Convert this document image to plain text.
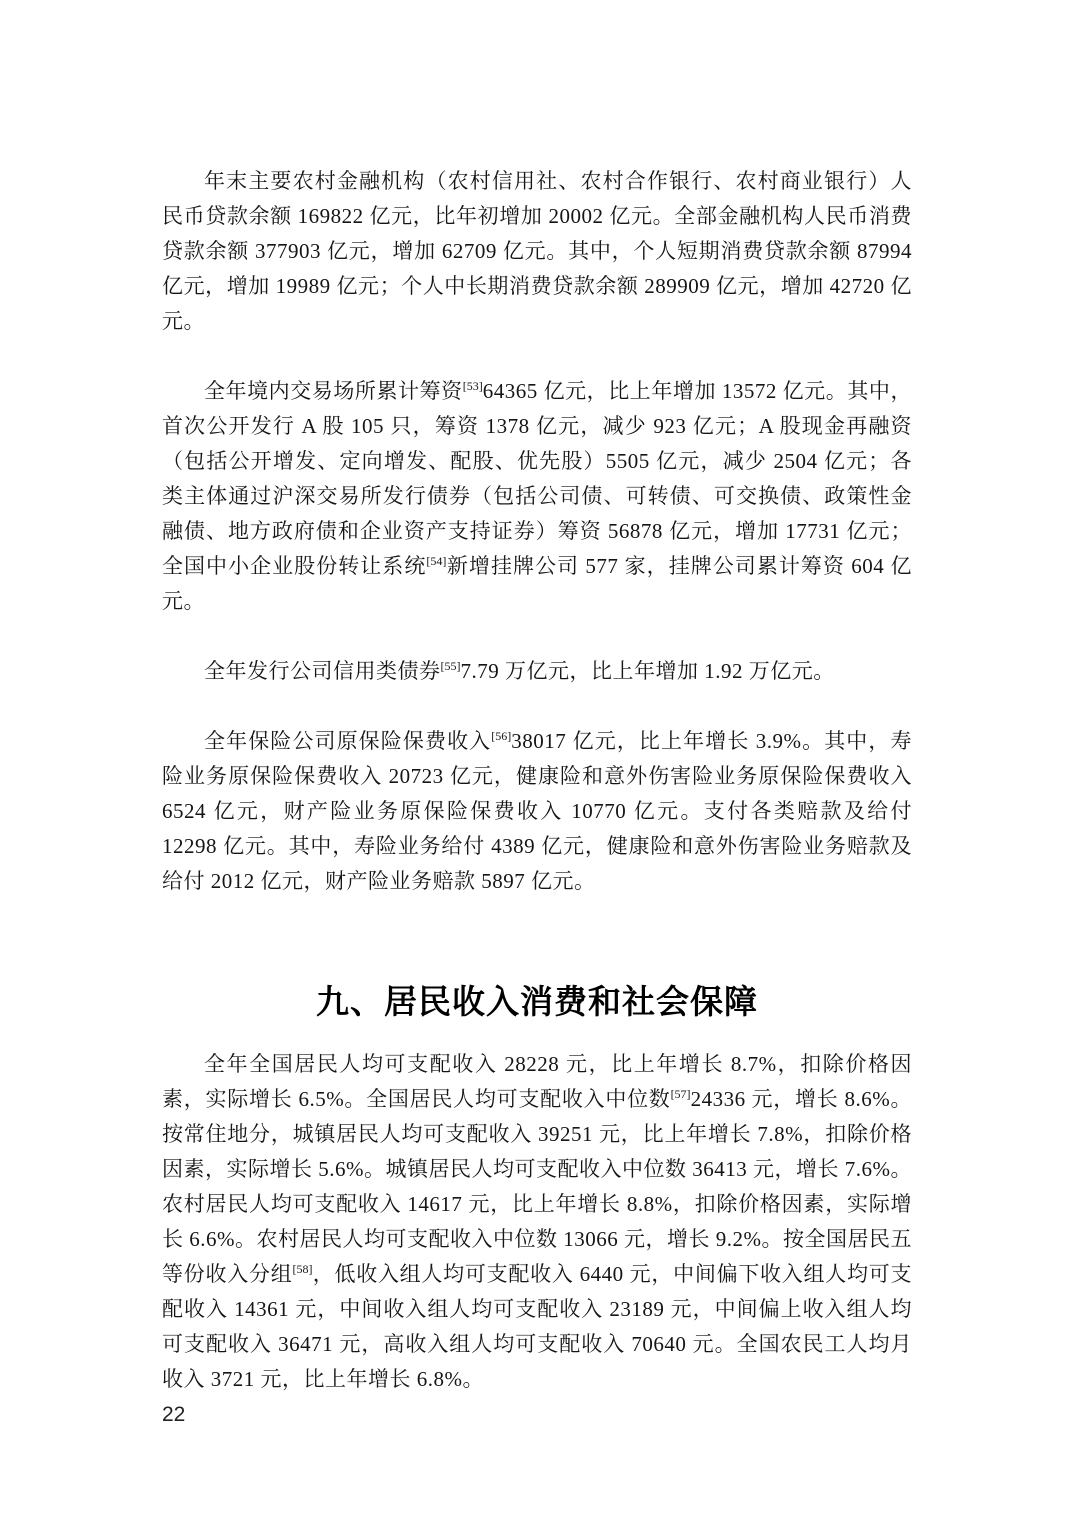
年末主要农村金融机构（农村信用社、农村合作银行、农村商业银行）人民币贷款余额 169822 亿元，比年初增加 20002 亿元。全部金融机构人民币消费贷款余额 377903 亿元，增加 62709 亿元。其中，个人短期消费贷款余额 87994 亿元，增加 19989 亿元；个人中长期消费贷款余额 289909 亿元，增加 42720 亿元。

全年境内交易场所累计筹资[53]64365 亿元，比上年增加 13572 亿元。其中，首次公开发行 A 股 105 只，筹资 1378 亿元，减少 923 亿元；A 股现金再融资（包括公开增发、定向增发、配股、优先股）5505 亿元，减少 2504 亿元；各类主体通过沪深交易所发行债券（包括公司债、可转债、可交换债、政策性金融债、地方政府债和企业资产支持证券）筹资 56878 亿元，增加 17731 亿元；全国中小企业股份转让系统[54]新增挂牌公司 577 家，挂牌公司累计筹资 604 亿元。

全年发行公司信用类债券[55]7.79 万亿元，比上年增加 1.92 万亿元。

全年保险公司原保险保费收入[56]38017 亿元，比上年增长 3.9%。其中，寿险业务原保险保费收入 20723 亿元，健康险和意外伤害险业务原保险保费收入 6524 亿元，财产险业务原保险保费收入 10770 亿元。支付各类赔款及给付 12298 亿元。其中，寿险业务给付 4389 亿元，健康险和意外伤害险业务赔款及给付 2012 亿元，财产险业务赔款 5897 亿元。

九、居民收入消费和社会保障

全年全国居民人均可支配收入 28228 元，比上年增长 8.7%，扣除价格因素，实际增长 6.5%。全国居民人均可支配收入中位数[57]24336 元，增长 8.6%。按常住地分，城镇居民人均可支配收入 39251 元，比上年增长 7.8%，扣除价格因素，实际增长 5.6%。城镇居民人均可支配收入中位数 36413 元，增长 7.6%。农村居民人均可支配收入 14617 元，比上年增长 8.8%，扣除价格因素，实际增长 6.6%。农村居民人均可支配收入中位数 13066 元，增长 9.2%。按全国居民五等份收入分组[58]，低收入组人均可支配收入 6440 元，中间偏下收入组人均可支配收入 14361 元，中间收入组人均可支配收入 23189 元，中间偏上收入组人均可支配收入 36471 元，高收入组人均可支配收入 70640 元。全国农民工人均月收入 3721 元，比上年增长 6.8%。

22
